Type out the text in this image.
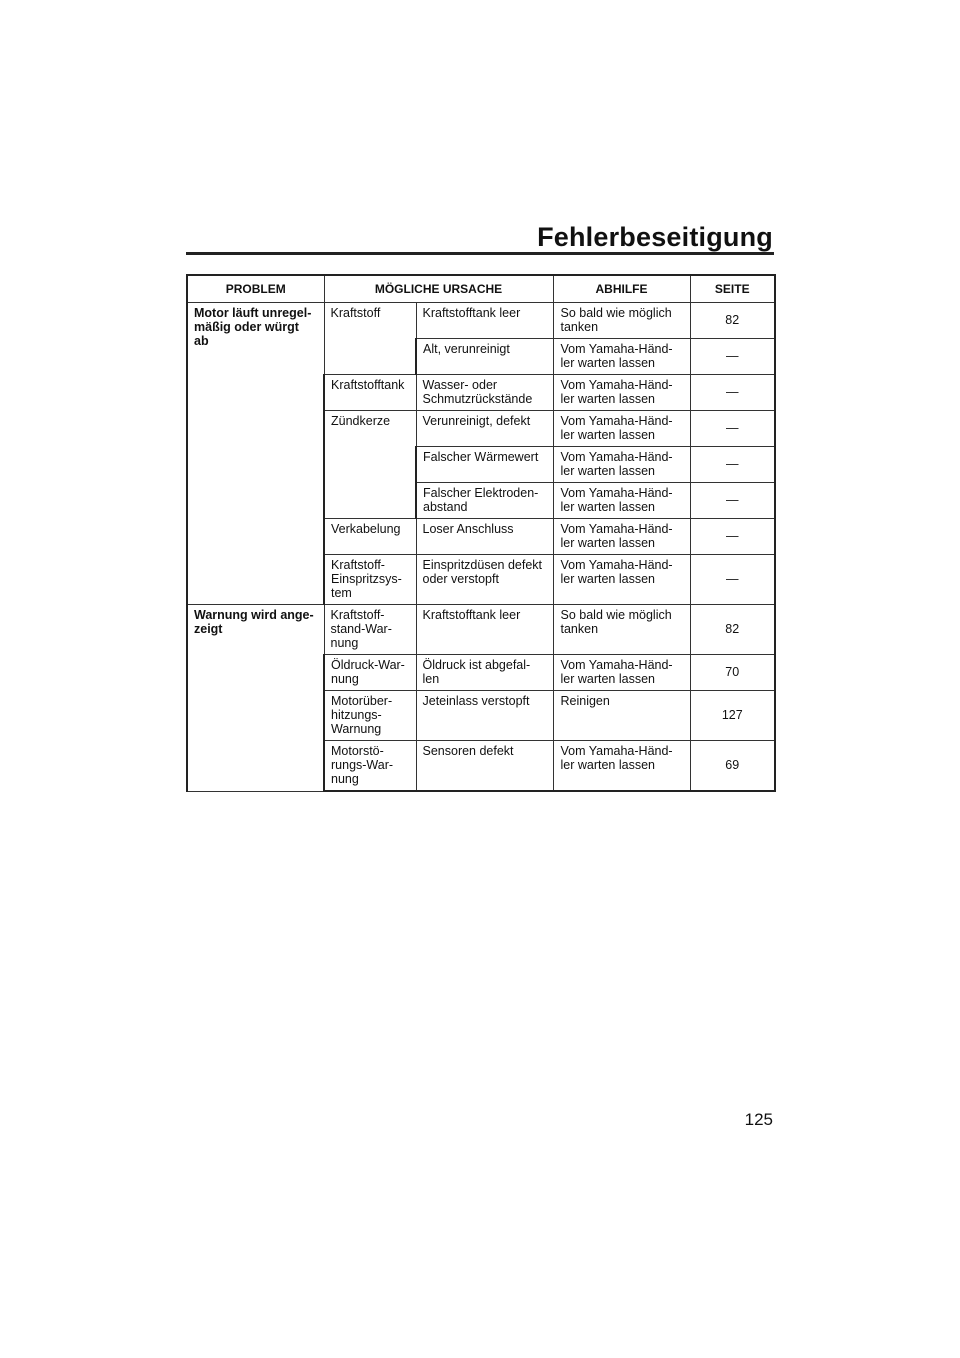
Fehlerbeseitigung
PROBLEM	MÖGLICHE URSACHE		ABHILFE	SEITE
Motor läuft unregel-
mäßig oder würgt
ab	Kraftstoff	Kraftstofftank leer	So bald wie möglich
tanken	82
		Alt, verunreinigt	Vom Yamaha-Händ-
ler warten lassen	—
	Kraftstofftank	Wasser- oder
Schmutzrückstände	Vom Yamaha-Händ-
ler warten lassen	—
	Zündkerze	Verunreinigt, defekt	Vom Yamaha-Händ-
ler warten lassen	—
		Falscher Wärmewert	Vom Yamaha-Händ-
ler warten lassen	—
		Falscher Elektroden-
abstand	Vom Yamaha-Händ-
ler warten lassen	—
	Verkabelung	Loser Anschluss	Vom Yamaha-Händ-
ler warten lassen	—
	Kraftstoff-
Einspritzsys-
tem	Einspritzdüsen defekt
oder verstopft	Vom Yamaha-Händ-
ler warten lassen	—
Warnung wird ange-
zeigt	Kraftstoff-
stand-War-
nung	Kraftstofftank leer	So bald wie möglich
tanken	82
	Öldruck-War-
nung	Öldruck ist abgefal-
len	Vom Yamaha-Händ-
ler warten lassen	70
	Motorüber-
hitzungs-
Warnung	Jeteinlass verstopft	Reinigen	127
	Motorstö-
rungs-War-
nung	Sensoren defekt	Vom Yamaha-Händ-
ler warten lassen	69
125
